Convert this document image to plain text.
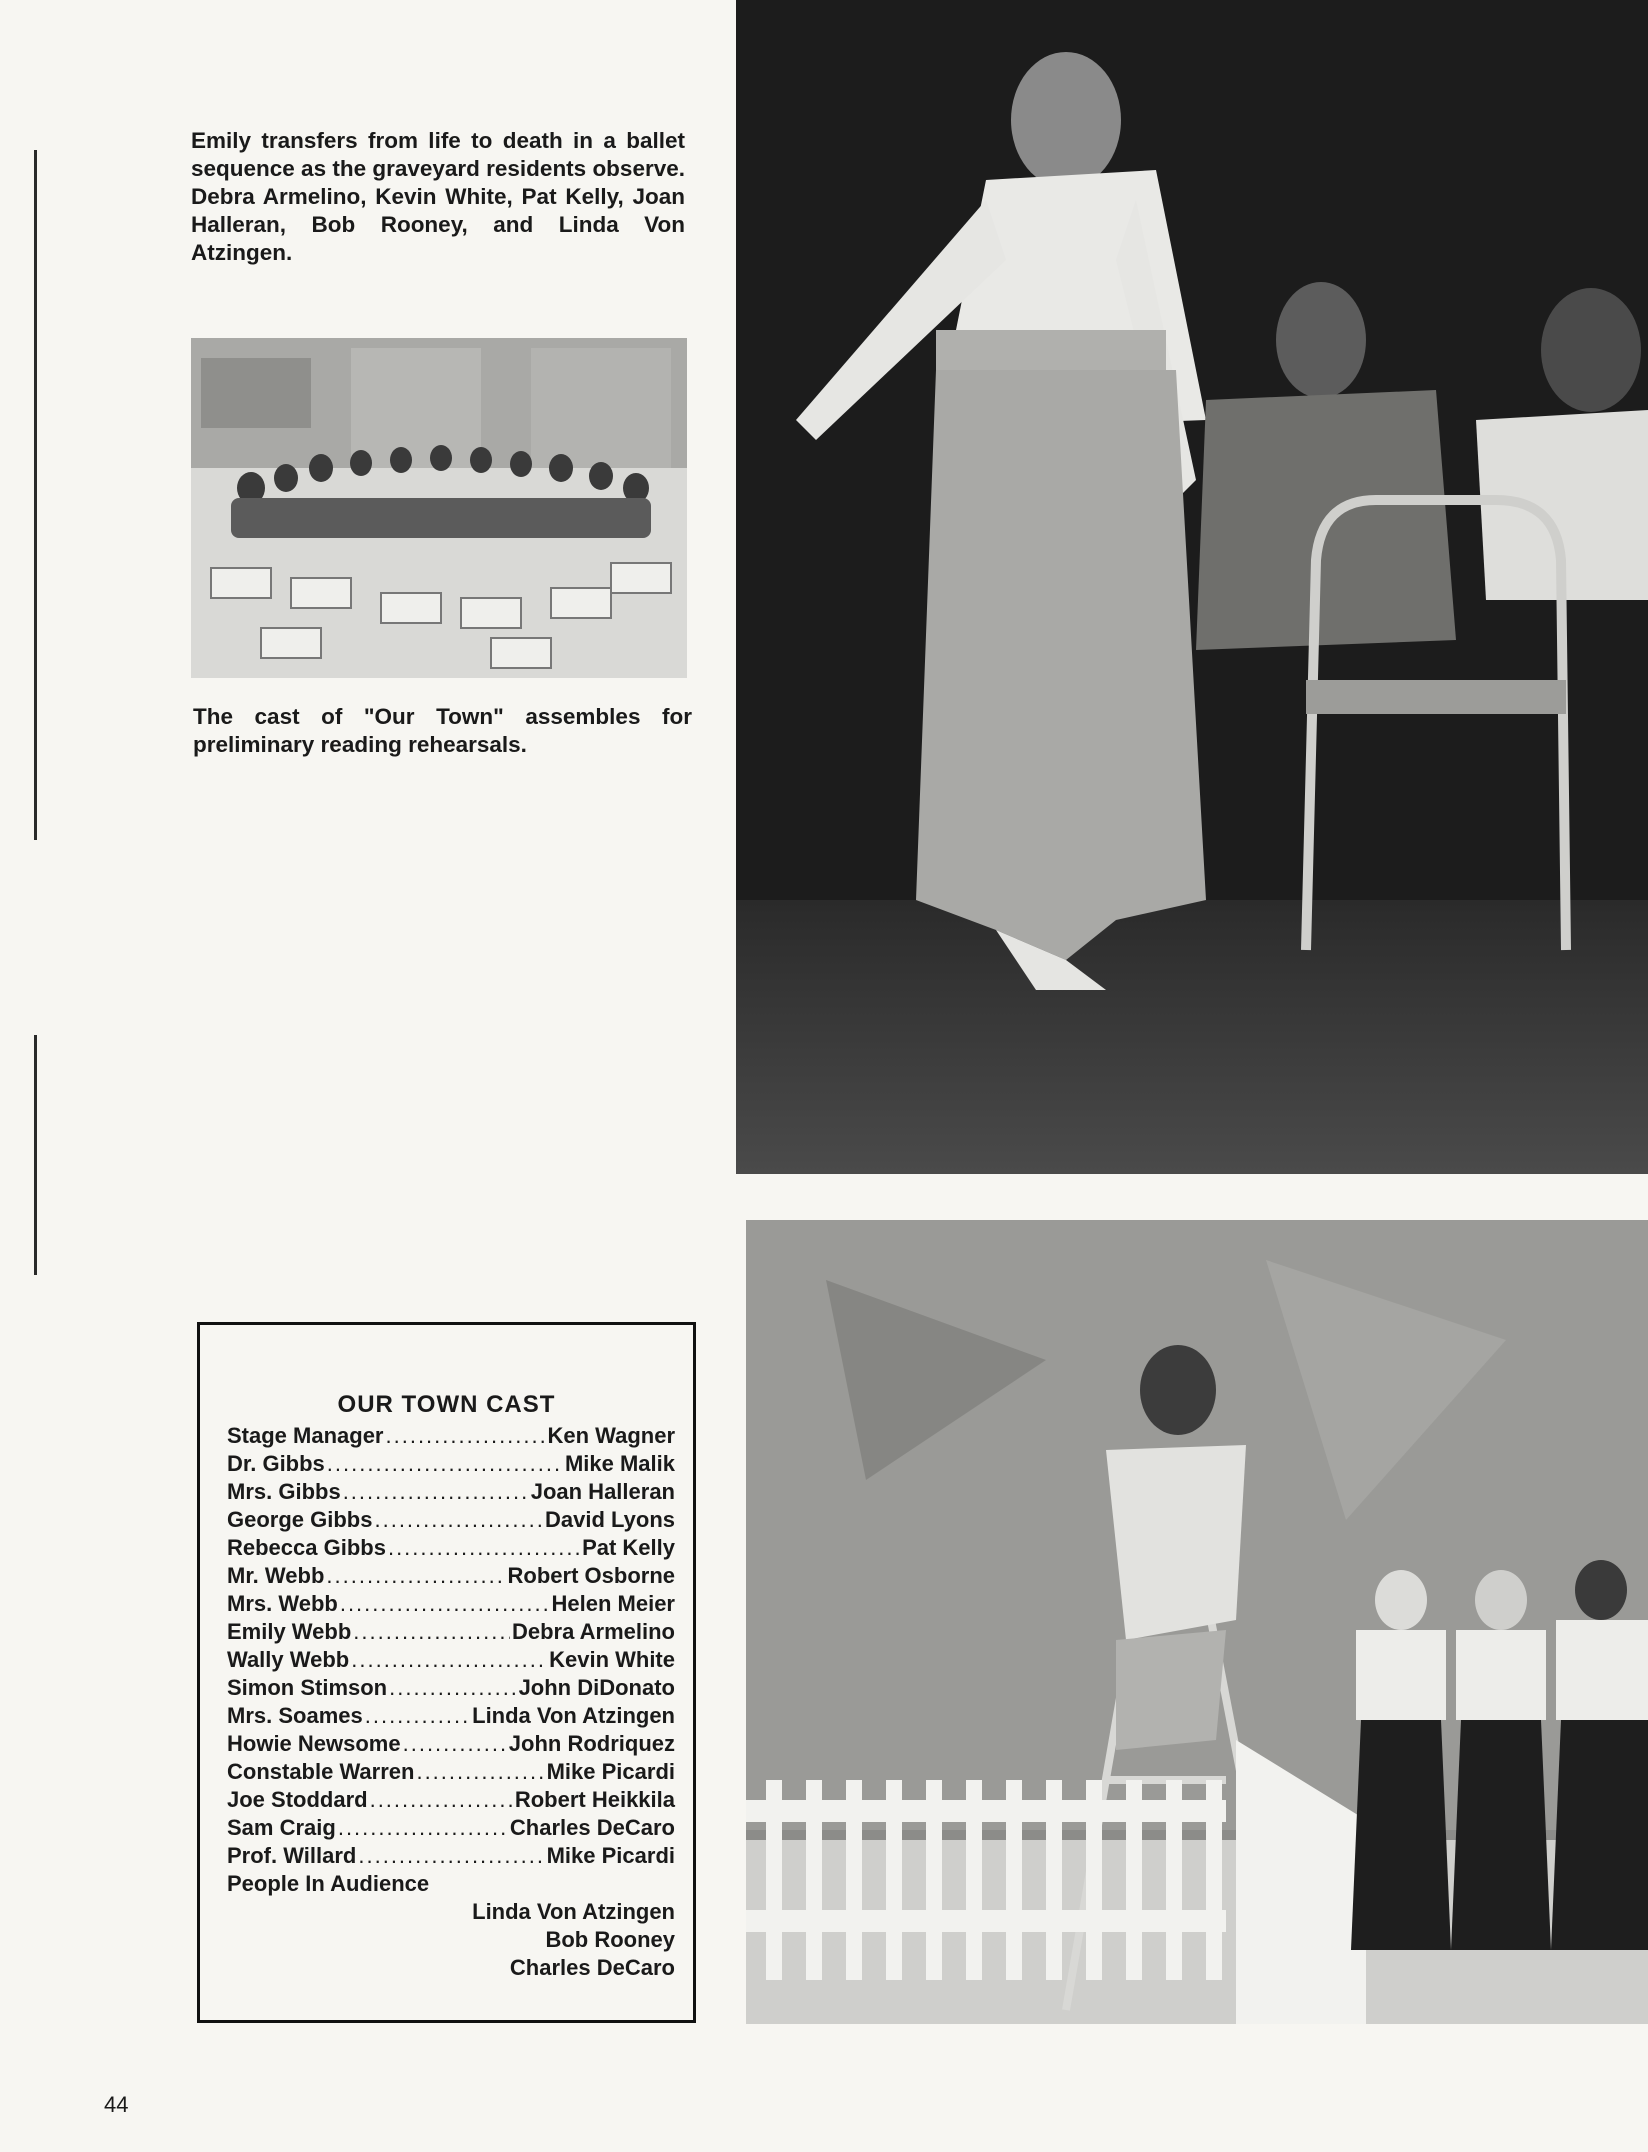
Emily transfers from life to death in a ballet sequence as the graveyard residents observe. Debra Armelino, Kevin White, Pat Kelly, Joan Halleran, Bob Rooney, and Linda Von Atzingen.
The cast of "Our Town" assembles for preliminary reading rehearsals.
OUR TOWN CAST
Stage Manager .....	Ken Wagner
Dr. Gibbs .....	Mike Malik
Mrs. Gibbs .....	Joan Halleran
George Gibbs .....	David Lyons
Rebecca Gibbs .....	Pat Kelly
Mr. Webb .....	Robert Osborne
Mrs. Webb .....	Helen Meier
Emily Webb .....	Debra Armelino
Wally Webb .....	Kevin White
Simon Stimson .....	John DiDonato
Mrs. Soames .....	Linda Von Atzingen
Howie Newsome .....	John Rodriquez
Constable Warren .....	Mike Picardi
Joe Stoddard .....	Robert Heikkila
Sam Craig .....	Charles DeCaro
Prof. Willard .....	Mike Picardi
People In Audience
Linda Von Atzingen
Bob Rooney
Charles DeCaro
44
